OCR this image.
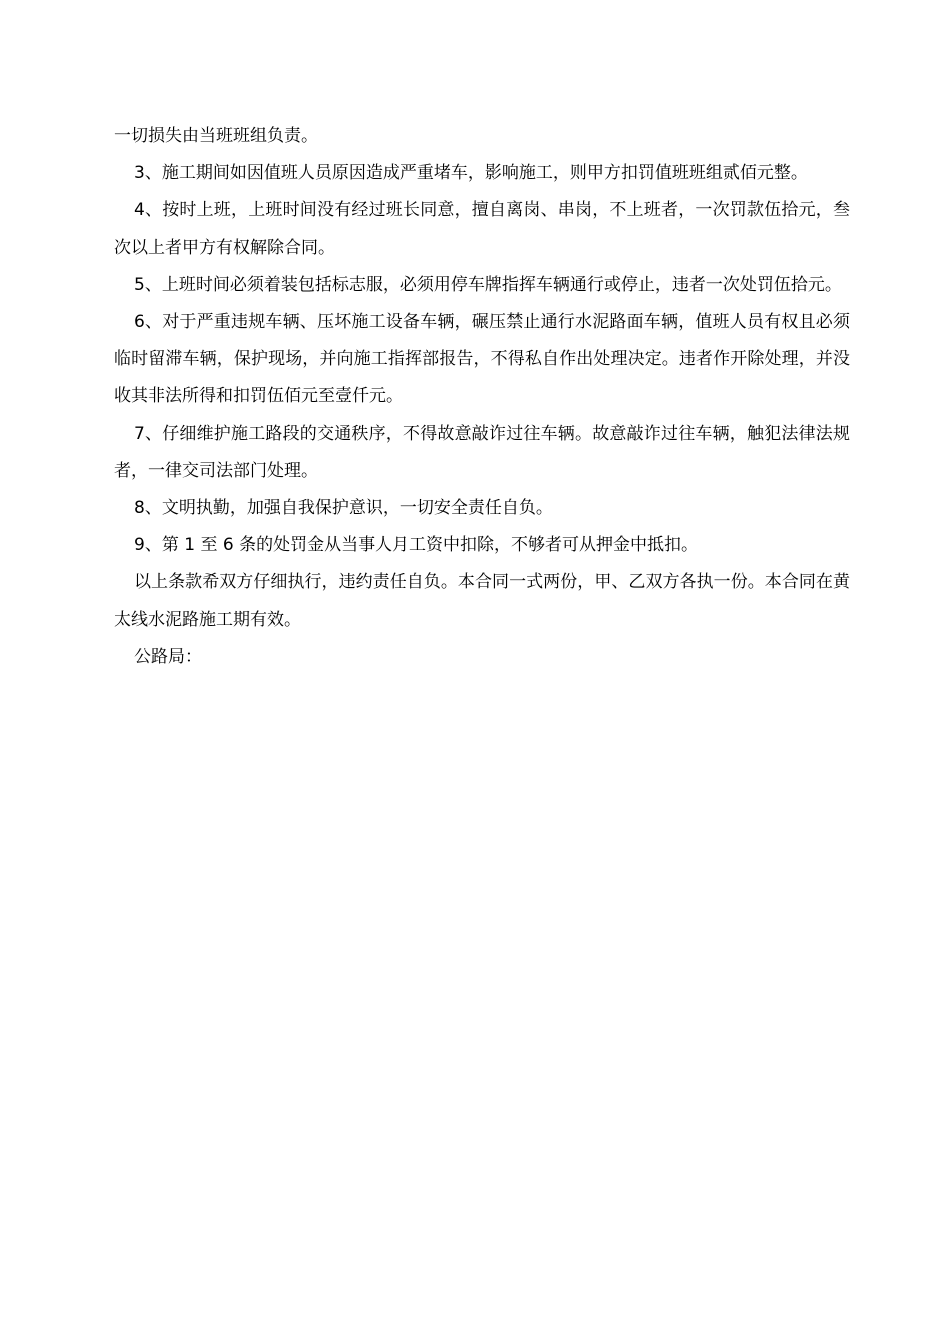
一切损失由当班班组负责。

3、施工期间如因值班人员原因造成严重堵车，影响施工，则甲方扣罚值班班组贰佰元整。

4、按时上班，上班时间没有经过班长同意，擅自离岗、串岗，不上班者，一次罚款伍拾元，叁次以上者甲方有权解除合同。

5、上班时间必须着装包括标志服，必须用停车牌指挥车辆通行或停止，违者一次处罚伍拾元。

6、对于严重违规车辆、压坏施工设备车辆，碾压禁止通行水泥路面车辆，值班人员有权且必须临时留滞车辆，保护现场，并向施工指挥部报告，不得私自作出处理决定。违者作开除处理，并没收其非法所得和扣罚伍佰元至壹仟元。

7、仔细维护施工路段的交通秩序，不得故意敲诈过往车辆。故意敲诈过往车辆，触犯法律法规者，一律交司法部门处理。

8、文明执勤，加强自我保护意识，一切安全责任自负。

9、第 1 至 6 条的处罚金从当事人月工资中扣除，不够者可从押金中抵扣。

以上条款希双方仔细执行，违约责任自负。本合同一式两份，甲、乙双方各执一份。本合同在黄太线水泥路施工期有效。

公路局：
